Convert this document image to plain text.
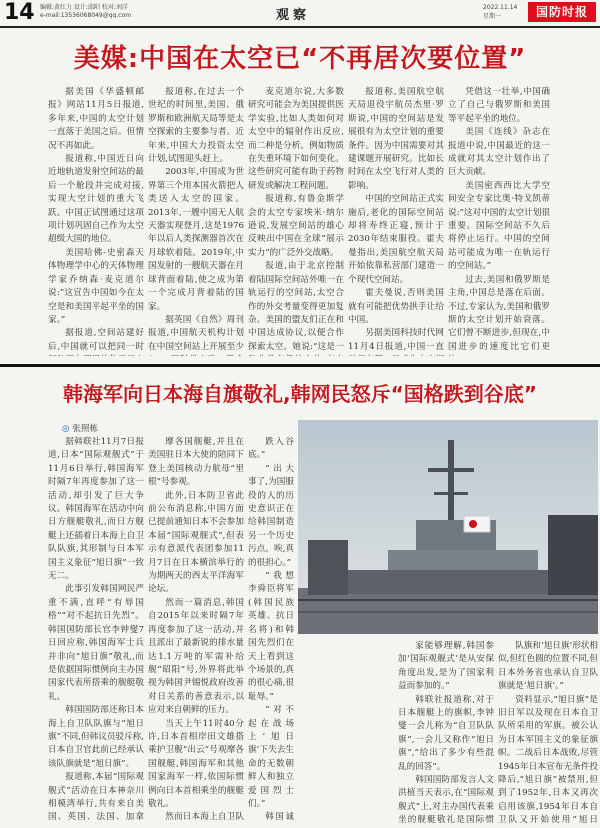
14 编辑:黄红力 设计:邱阳 校对:刘洋
e-mail:13536068049@qq.com	观察
2022.11.14
星期一	国防时报
美媒:中国在太空已“不再居次要位置”

据美国《华盛顿邮报》网站11月5日报道,多年来,中国的太空计划一直落于美国之后。但情况不再如此。

报道称,中国近日向近地轨道发射空间站的最后一个舱段并完成对接,实现大空计划的重大飞跃。中国正试图通过这项项计划巩固自己作为太空超级大国的地位。

美国哈佛-史密森天体物理学中心的天体物理学家乔纳森·麦克道尔说:“这宣告中国如今在太空是和美国平起平坐的国家。”

据报道,空间站建好后,中国就可以把同一时

报道称,在过去一个世纪的时间里,美国、俄罗斯和欧洲航天局等是太空探索的主要参与者。近年来,中国大力投资太空计划,试图迎头赶上。

2003年,中国成为世界第三个用本国火箭把人类送入太空的国家。2013年,一艘中国无人航天器实现登月,这是1976年以后人类探测器首次在月球软着陆。2019年,中国发射的一艘航天器在月球背面着陆,使之成为第一个完成月背着陆的国家。

据英国《自然》周刊报道,中国航天机构计划在中国空间站上开展至少

麦克道尔说,大多数研究可能会为美国提供医学实验,比如人类如何对太空中的辐射作出反应,而二种是分析。例如物质在失重环境下如何变化。这些研究可能有助于药物研发或解决工程问题。

报道称,有鲁金斯学会的太空专家埃米·纳尔逊说,发展空间站的雄心反映出中国在全球“展示实力”的广泛外交战略。

报道,由于北京控制着陆国际空间站外唯一在轨运行的空间站,太空合作的外交考量变得更加复杂。美国的盟友们正在和中国达成协议,以便合作探索太空。她说:“这是一

报道称,美国航空航天局退役宇航员杰里·罗斯说,中国的空间站是发展很有为太空计划的重要条件。因为中国需要对其建课题开展研究。比如长时间在太空飞行对人类的影响。

中国的空间站正式实施后,老化的国际空间站却将寿终正寝,预计于2030年结束服役。霍夫曼指出,美国航空航天局开始依靠私营部门建造一个现代空间站。

霍夫曼说,否则美国就有可能把优势拱手让给中国。

另据美国科技时代网11月4日报道,中国一直

凭借这一壮举,中国确立了自己与俄罗斯和美国等平起平坐的地位。

美国《连线》杂志在报道中说,中国最近的这一成就对其太空计划作出了巨大贡献。

美国密西西比大学空间安全专家比奥·特戈凯蒂说:“这对中国的太空计划很重要。国际空间站不久后将停止运行。中国的空间站可能成为唯一在轨运行的空间站。”

过去,美国和俄罗斯是主角,中国总是落在后面。不过,专家认为,美国和俄罗斯的太空计划开始衰落。它们曾不断进步,但现在,中国进步的速度比它们更

韩海军向日本海自旗敬礼,韩网民怒斥“国格跌到谷底”
◎ 张照栋

据韩联社11月7日报道,日本“国际观舰式”于11月6日举行,韩国海军时隔7年再度参加了这一活动,却引发了巨大争议。韩国海军在活动中向日方舰艇敬礼,而日方舰艇上还插着日本海上自卫队队旗,其形制与日本军国主义象征“旭日旗”一致无二。

此事引发韩国网民严重不满,直呼“有辱国格”“对不起抗日先烈”。韩国国防部长官李钟燮7日回应称,韩国海军士兵并非向“旭日旗”敬礼,而是依据国际惯例向主办国国家代表所搭乘的舰艇敬礼。

韩国国防部还称日本海上自卫队队旗与“旭日旗”不同,但韩议员驳斥称,日本自卫官此前已经承认该队旗就是“旭日旗”。

报道称,本届“国际观舰式”活动在日本神奈川相模湾举行,共有来自美国、英国、法国、加拿

摩各国舰艇,并且在美国驻日本大使的陪同下登上美国核动力航母“里根”号参观。

此外,日本防卫省此前公布消息称,中国方面已提前通知日本不会参加本届“国际观舰式”,但表示有意派代表团参加11月7日在日本横滨举行的为期两天的西太平洋海军论坛。

然而一篇消息,韩国自2015年以来时隔7年再度参加了这一活动,并且派出了最新锐的排水量达1.1万吨的军需补给舰“昭阳”号,外界将此举视为韩国尹锡悦政府改善对日关系的善意表示,以应对来自朝鲜的压力。

当天上午11时40分许,日本首相岸田文雄搭乘护卫舰“出云”号观摩各国舰艇,韩国海军和其他国家海军一样,依国际惯例向日本首相乘坐的舰艇敬礼。

然而日本海上自卫队

跌入谷底。”

“出大事了,为国服役的人的历史意识正在给韩国制造另一个历史污点。唉,真的很担心。”

“我想李舜臣将军(韩国民族英雄、抗日名将)和韩国先烈们在天上看到这个场景的,真的很心痛,很耻辱。”

“对不起在战场上‘旭日旗’下失去生命的无数朝鲜人和独立爱国烈士们。”

韩国诚

家能够理解,韩国参加‘国际观舰式’是从安保角度出发,是为了国家利益而参加的。”

韩联社报道称,对于日本舰艇上的旗帜,李钟燮一会儿称为“自卫队队旗”,一会儿又称作“旭日旗”,“给出了多少有些混乱的回答”。

韩国国防部发言人文洪植当天表示,在“国际观舰式”上,对主办国代表乘坐的舰艇敬礼是国际惯

队旗和‘旭日旗’形状相似,但红色圆的位置不同,但日本外务省也承认自卫队旗就是‘旭日旗’。”

资料显示,“旭日旗”是旧日军以及现在日本自卫队所采用的军旗。被公认为日本军国主义的象征旗帜。二战后日本战败,尽管1945年日本宣布无条件投降后,“旭日旗”被禁用,但到了1952年,日本又再次启用该旗,1954年日本自卫队又开始使用“旭日
